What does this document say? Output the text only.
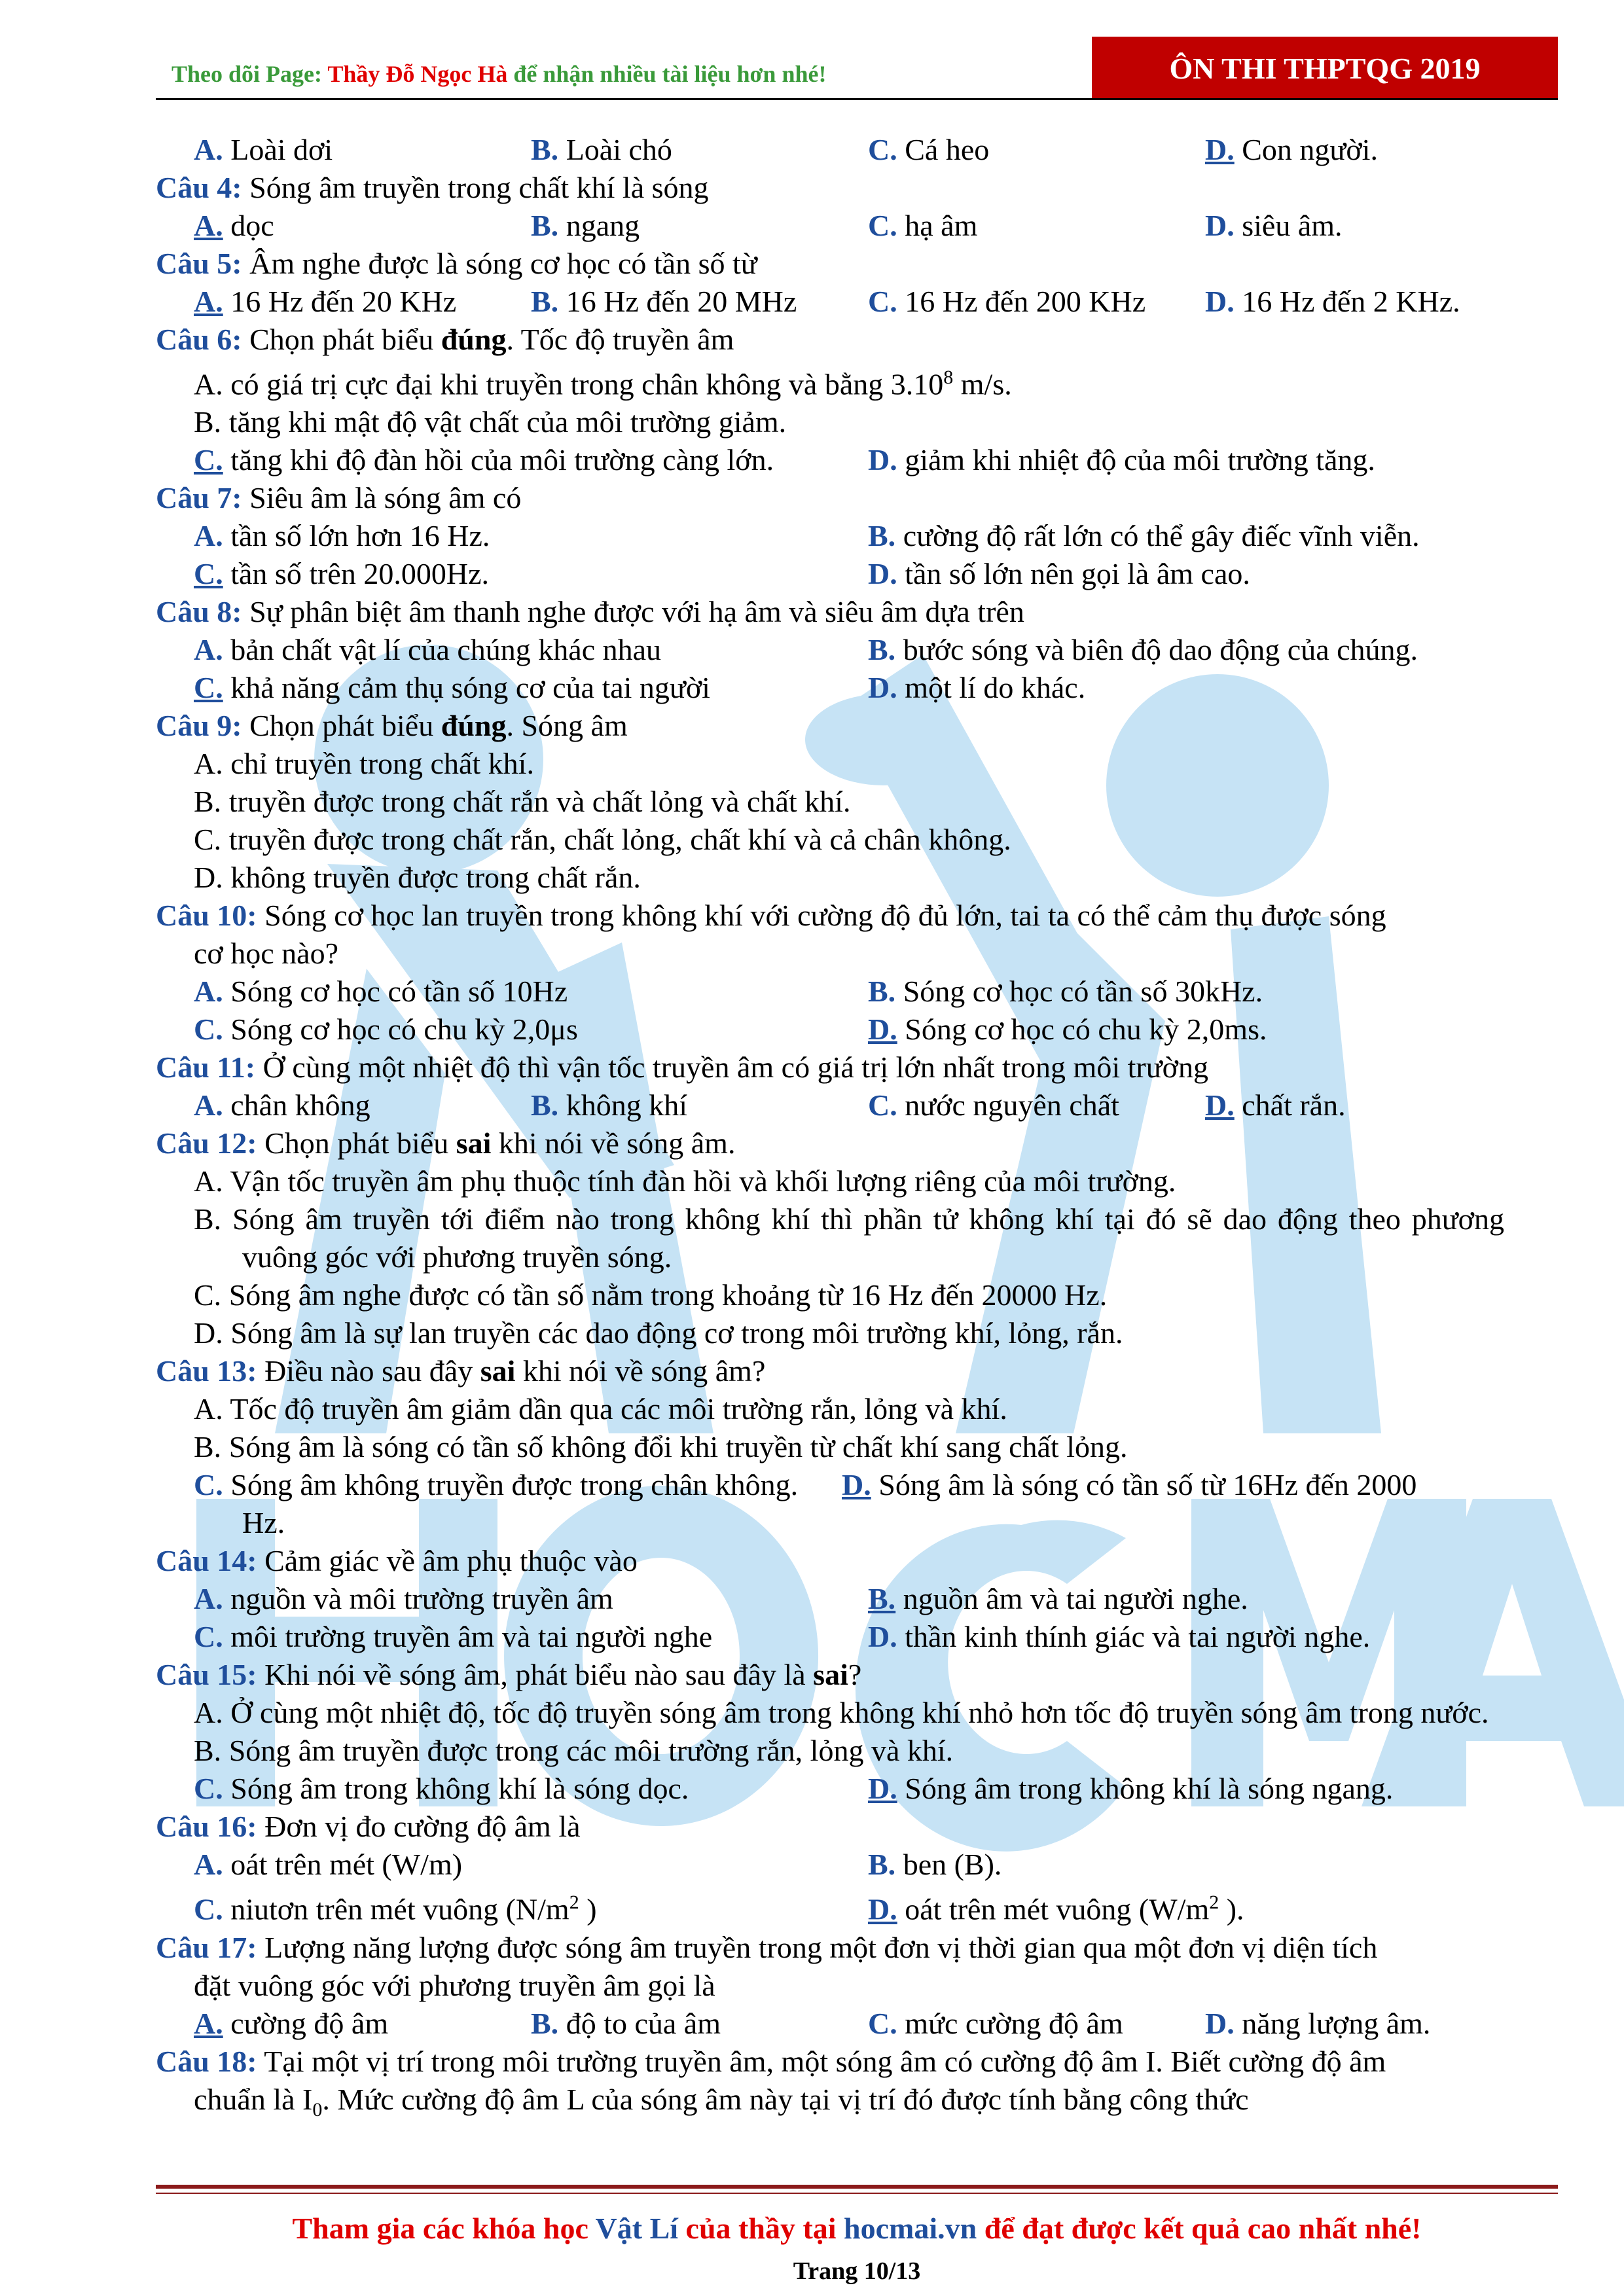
Theo dõi Page: Thầy Đỗ Ngọc Hà để nhận nhiều tài liệu hơn nhé!	ÔN THI THPTQG 2019
A. Loài dơi	B. Loài chó	C. Cá heo	D. Con người.
Câu 4: Sóng âm truyền trong chất khí là sóng
A. dọc	B. ngang	C. hạ âm	D. siêu âm.
Câu 5: Âm nghe được là sóng cơ học có tần số từ
A. 16 Hz đến 20 KHz	B. 16 Hz đến 20 MHz	C. 16 Hz đến 200 KHz	D. 16 Hz đến 2 KHz.
Câu 6: Chọn phát biểu đúng. Tốc độ truyền âm
A. có giá trị cực đại khi truyền trong chân không và bằng 3.10$^8$ m/s.
B. tăng khi mật độ vật chất của môi trường giảm.
C. tăng khi độ đàn hồi của môi trường càng lớn.	D. giảm khi nhiệt độ của môi trường tăng.
Câu 7: Siêu âm là sóng âm có
A. tần số lớn hơn 16 Hz.	B. cường độ rất lớn có thể gây điếc vĩnh viễn.
C. tần số trên 20.000Hz.	D. tần số lớn nên gọi là âm cao.
Câu 8: Sự phân biệt âm thanh nghe được với hạ âm và siêu âm dựa trên
A. bản chất vật lí của chúng khác nhau	B. bước sóng và biên độ dao động của chúng.
C. khả năng cảm thụ sóng cơ của tai người	D. một lí do khác.
Câu 9: Chọn phát biểu đúng. Sóng âm
A. chỉ truyền trong chất khí.
B. truyền được trong chất rắn và chất lỏng và chất khí.
C. truyền được trong chất rắn, chất lỏng, chất khí và cả chân không.
D. không truyền được trong chất rắn.
Câu 10: Sóng cơ học lan truyền trong không khí với cường độ đủ lớn, tai ta có thể cảm thụ được sóng
cơ học nào?
A. Sóng cơ học có tần số 10Hz	B. Sóng cơ học có tần số 30kHz.
C. Sóng cơ học có chu kỳ 2,0μs	D. Sóng cơ học có chu kỳ 2,0ms.
Câu 11: Ở cùng một nhiệt độ thì vận tốc truyền âm có giá trị lớn nhất trong môi trường
A. chân không	B. không khí	C. nước nguyên chất	D. chất rắn.
Câu 12: Chọn phát biểu sai khi nói về sóng âm.
A. Vận tốc truyền âm phụ thuộc tính đàn hồi và khối lượng riêng của môi trường.
B. Sóng âm truyền tới điểm nào trong không khí thì phần tử không khí tại đó sẽ dao động theo phương vuông góc với phương truyền sóng.
C. Sóng âm nghe được có tần số nằm trong khoảng từ 16 Hz đến 20000 Hz.
D. Sóng âm là sự lan truyền các dao động cơ trong môi trường khí, lỏng, rắn.
Câu 13: Điều nào sau đây sai khi nói về sóng âm?
A. Tốc độ truyền âm giảm dần qua các môi trường rắn, lỏng và khí.
B. Sóng âm là sóng có tần số không đổi khi truyền từ chất khí sang chất lỏng.
C. Sóng âm không truyền được trong chân không.	D. Sóng âm là sóng có tần số từ 16Hz đến 2000
Hz.
Câu 14: Cảm giác về âm phụ thuộc vào
A. nguồn và môi trường truyền âm	B. nguồn âm và tai người nghe.
C. môi trường truyền âm và tai người nghe	D. thần kinh thính giác và tai người nghe.
Câu 15: Khi nói về sóng âm, phát biểu nào sau đây là sai?
A. Ở cùng một nhiệt độ, tốc độ truyền sóng âm trong không khí nhỏ hơn tốc độ truyền sóng âm trong nước.
B. Sóng âm truyền được trong các môi trường rắn, lỏng và khí.
C. Sóng âm trong không khí là sóng dọc.	D. Sóng âm trong không khí là sóng ngang.
Câu 16: Đơn vị đo cường độ âm là
A. oát trên mét (W/m)	B. ben (B).
C. niutơn trên mét vuông ($N/m^2$ )	D. oát trên mét vuông ($W/m^2$ ).
Câu 17: Lượng năng lượng được sóng âm truyền trong một đơn vị thời gian qua một đơn vị diện tích
đặt vuông góc với phương truyền âm gọi là
A. cường độ âm	B. độ to của âm	C. mức cường độ âm	D. năng lượng âm.
Câu 18: Tại một vị trí trong môi trường truyền âm, một sóng âm có cường độ âm I. Biết cường độ âm
chuẩn là $I_0$. Mức cường độ âm L của sóng âm này tại vị trí đó được tính bằng công thức
Tham gia các khóa học Vật Lí của thầy tại hocmai.vn để đạt được kết quả cao nhất nhé!
Trang 10/13
